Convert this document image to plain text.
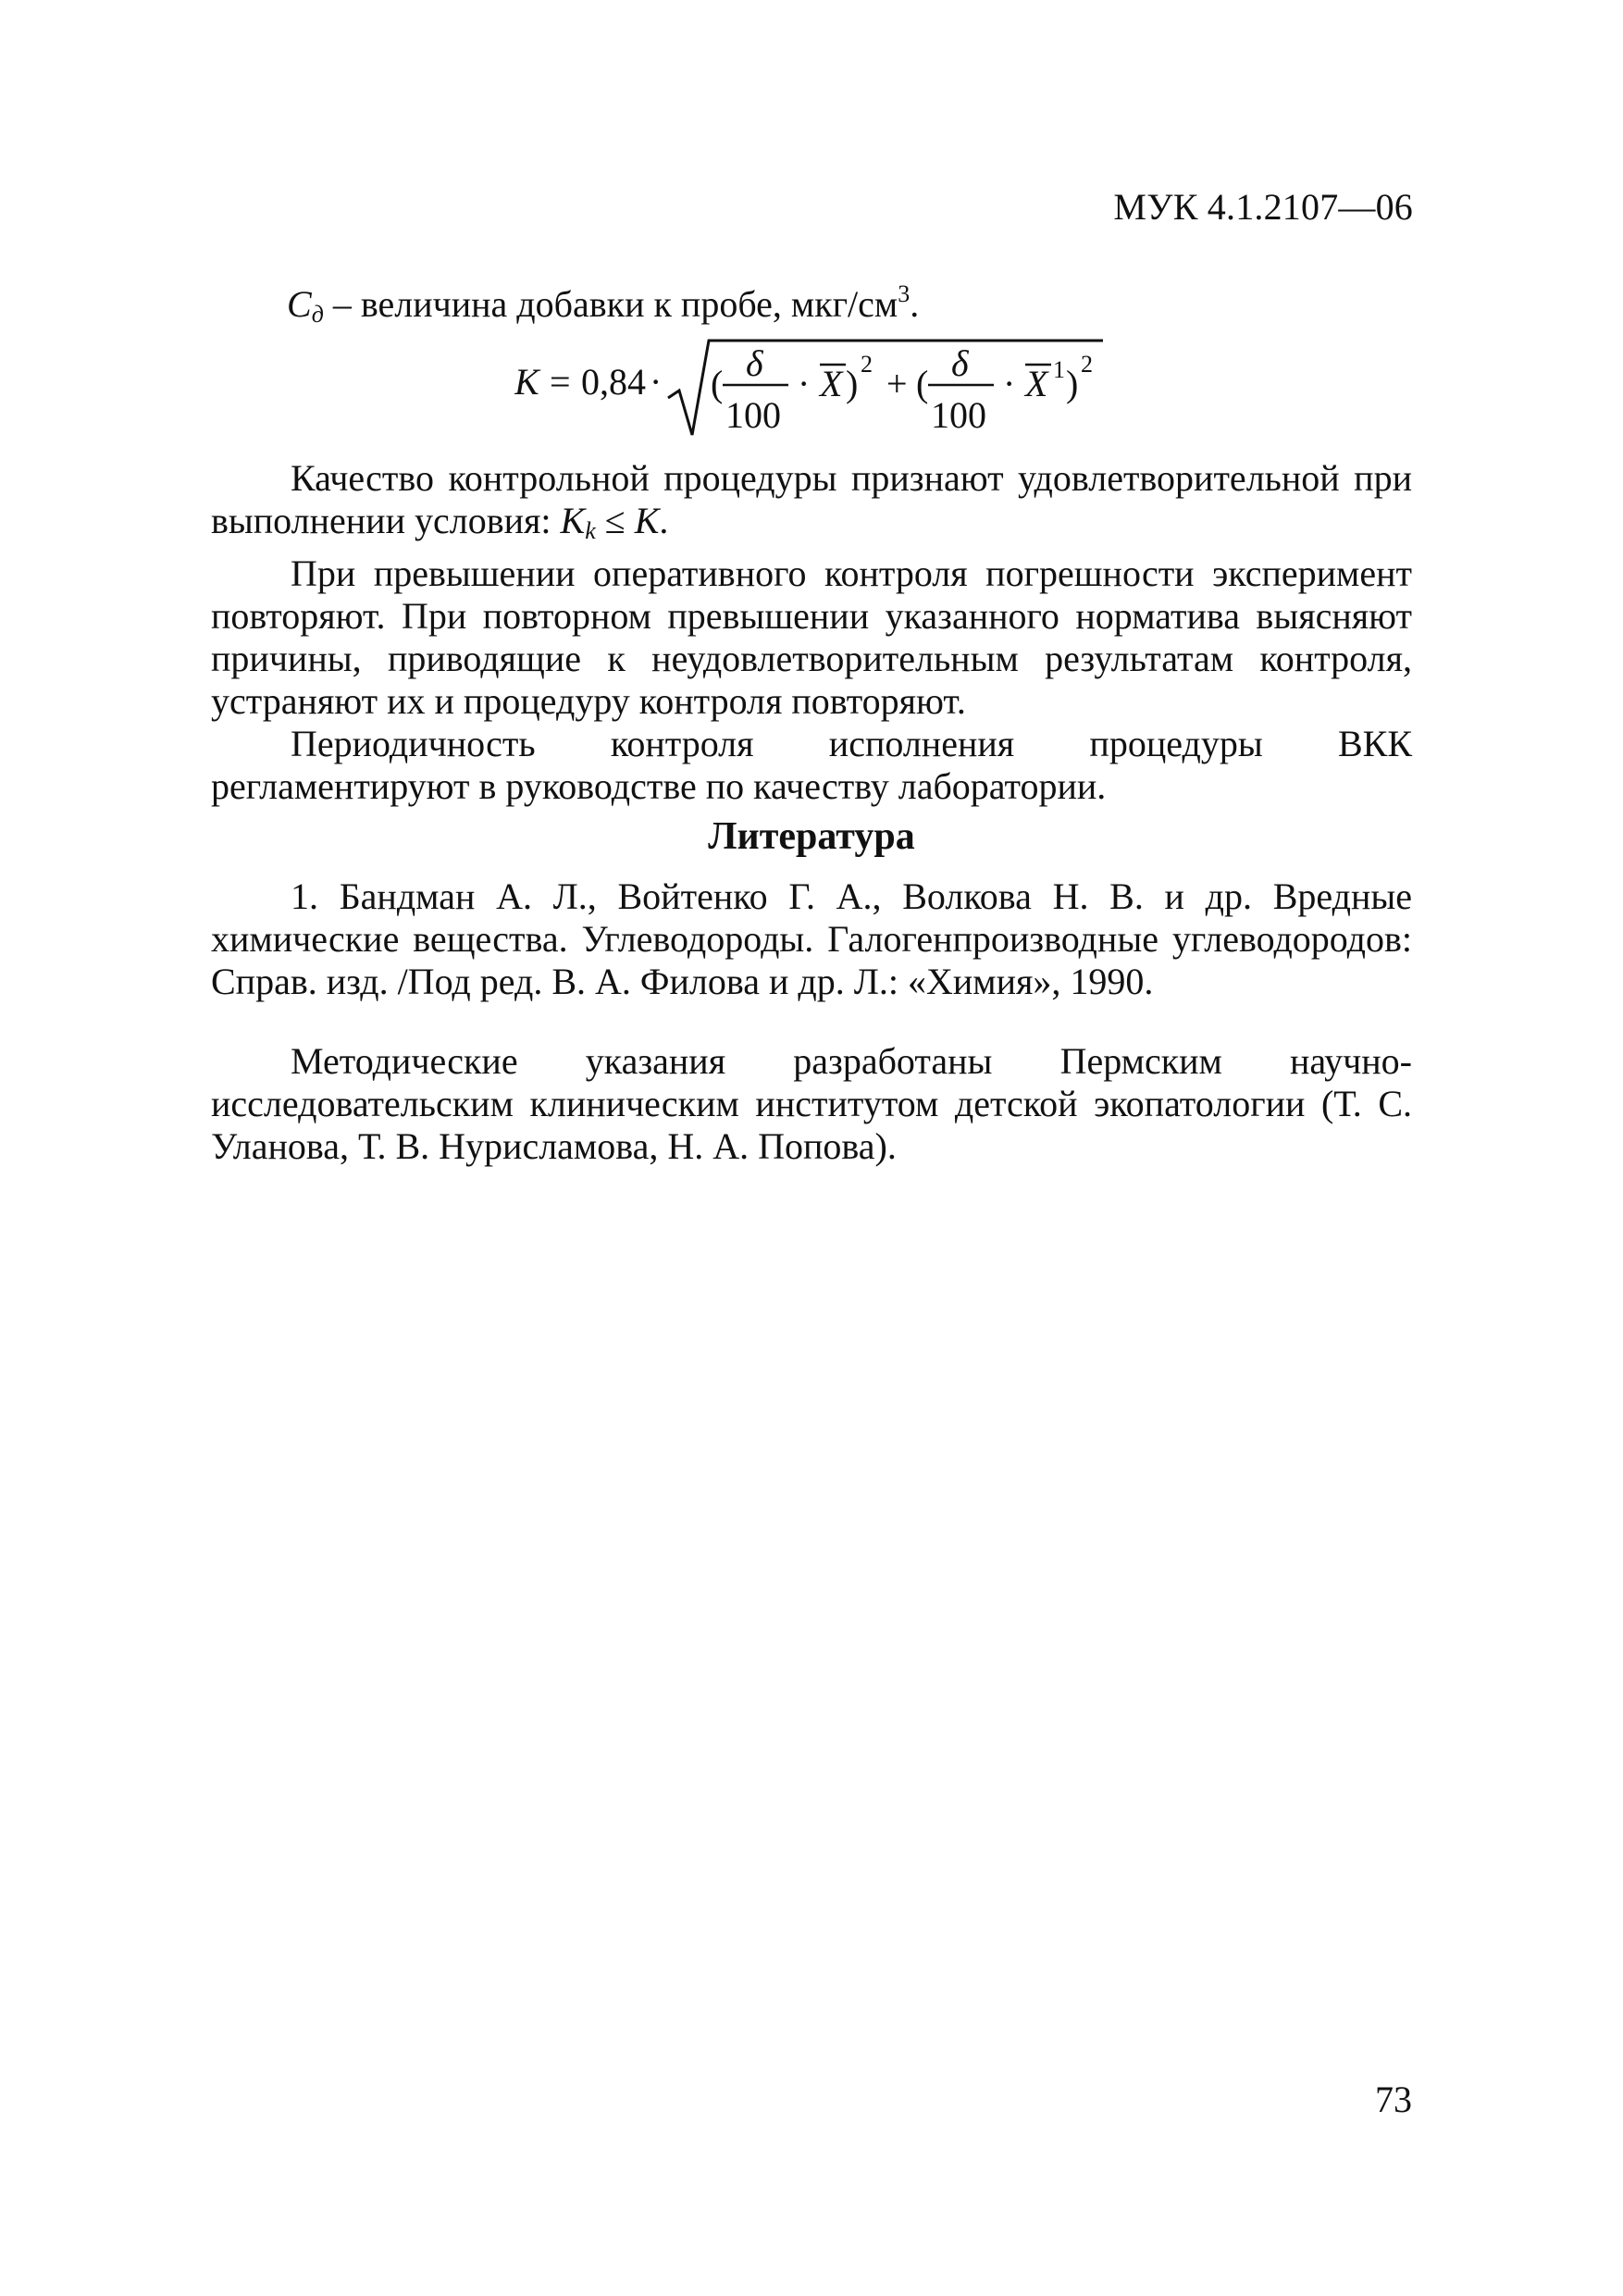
МУК 4.1.2107—06
$C_д$ – величина добавки к пробе, мкг/$см^3$.
K = 0,84 · ( δ
100
· X ) 2 + ( δ
100
· X 1 ) 2

Качество контрольной процедуры признают удовлетворительной при выполнении условия: $K_k \le K$.

При превышении оперативного контроля погрешности эксперимент повторяют. При повторном превышении указанного норматива выясняют причины, приводящие к неудовлетворительным результатам контроля, устраняют их и процедуру контроля повторяют.

Периодичность контроля исполнения процедуры ВКК регламентируют в руководстве по качеству лаборатории.

Литература

1. Бандман А. Л., Войтенко Г. А., Волкова Н. В. и др. Вредные химические вещества. Углеводороды. Галогенпроизводные углеводородов: Справ. изд. /Под ред. В. А. Филова и др. Л.: «Химия», 1990.

Методические указания разработаны Пермским научно-исследовательским клиническим институтом детской экопатологии (Т. С. Уланова, Т. В. Нурисламова, Н. А. Попова).

73
